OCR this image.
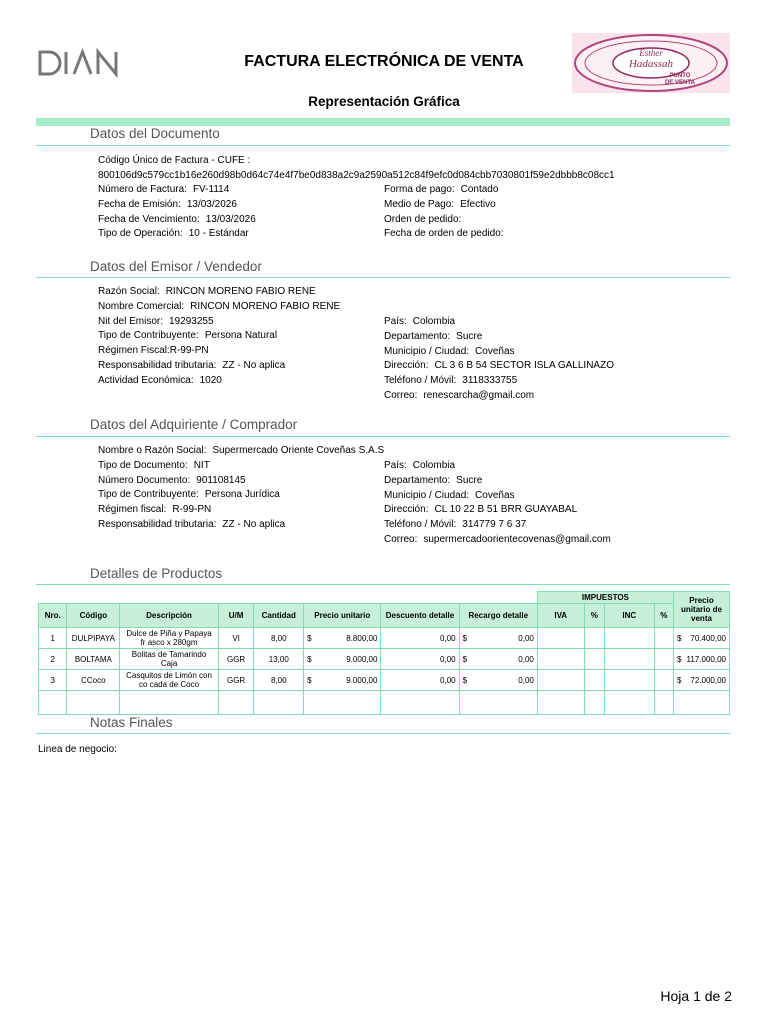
FACTURA ELECTRÓNICA DE VENTA	Esther
Hadassah
PUNTO
DE VENTA
Representación Gráfica
Datos del Documento
Código Único de Factura - CUFE :
800106d9c579cc1b16e260d98b0d64c74e4f7be0d838a2c9a2590a512c84f9efc0d084cbb7030801f59e2dbbb8c08cc1
Número de Factura: FV-1114
Fecha de Emisión: 13/03/2026
Fecha de Vencimiento: 13/03/2026
Tipo de Operación: 10 - Estándar
Forma de pago: Contado
Medio de Pago: Efectivo
Orden de pedido:
Fecha de orden de pedido:
Datos del Emisor / Vendedor
Razón Social: RINCON MORENO FABIO RENE
Nombre Comercial: RINCON MORENO FABIO RENE
Nit del Emisor: 19293255
Tipo de Contribuyente: Persona Natural
Régimen Fiscal:R-99-PN
Responsabilidad tributaria: ZZ - No aplica
Actividad Económica: 1020
País: Colombia
Departamento: Sucre
Municipio / Ciudad: Coveñas
Dirección: CL 3 6 B 54 SECTOR ISLA GALLINAZO
Teléfono / Móvil: 3118333755
Correo: renescarcha@gmail.com
Datos del Adquiriente / Comprador
Nombre o Razón Social: Supermercado Oriente Coveñas S.A.S
Tipo de Documento: NIT
Número Documento: 901108145
Tipo de Contribuyente: Persona Jurídica
Régimen fiscal: R-99-PN
Responsabilidad tributaria: ZZ - No aplica
País: Colombia
Departamento: Sucre
Municipio / Ciudad: Coveñas
Dirección: CL 10 22 B 51 BRR GUAYABAL
Teléfono / Móvil: 314779 7 6 37
Correo: supermercadoorientecovenas@gmail.com
Detalles de Productos
								IMPUESTOS				Precio unitario de venta
Nro.	Código	Descripción	U/M	Cantidad	Precio unitario	Descuento detalle	Recargo detalle	IVA	%	INC	%	
1	DULPIPAYA	Dulce de Piña y Papaya fr asco x 280gm	VI	8,00	$ 8.800,00	0,00	$ 0,00					$ 70.400,00

2	BOLTAMA	Bolitas de Tamarindo Caja	GGR	13,00	$ 9.000,00	0,00	$ 0,00					$ 117.000,00

3	CCoco	Casquitos de Limón con co cada de Coco	GGR	8,00	$ 9.000,00	0,00	$ 0,00					$ 72.000,00

Notas Finales
Linea de negocio:
Hoja 1 de 2
